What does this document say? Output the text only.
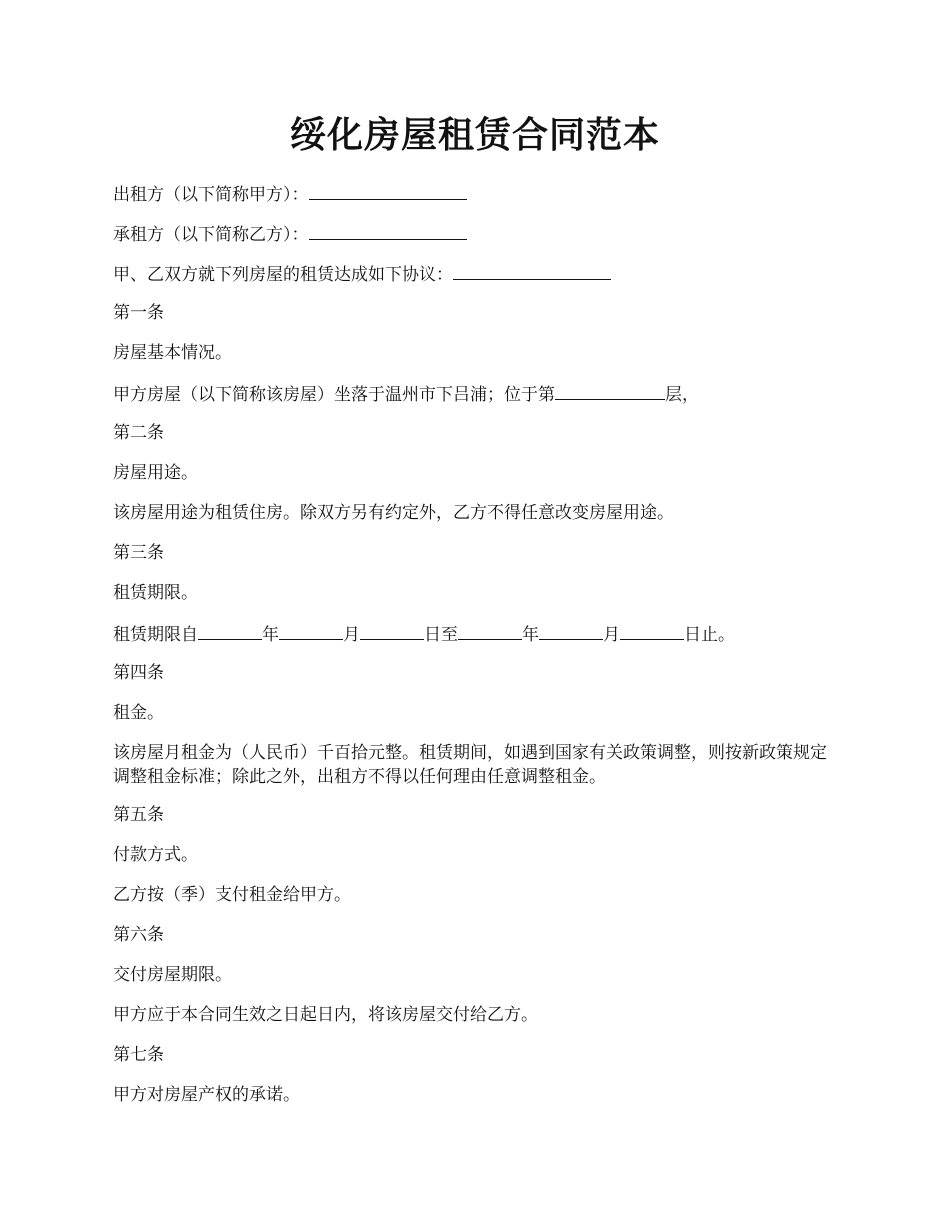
绥化房屋租赁合同范本
出租方（以下简称甲方）：
承租方（以下简称乙方）：
甲、乙双方就下列房屋的租赁达成如下协议：
第一条
房屋基本情况。
甲方房屋（以下简称该房屋）坐落于温州市下吕浦；位于第	层，
第二条
房屋用途。
该房屋用途为租赁住房。除双方另有约定外，乙方不得任意改变房屋用途。
第三条
租赁期限。
租赁期限自	年	月	日至	年	月	日止。
第四条
租金。
该房屋月租金为（人民币）千百拾元整。租赁期间，如遇到国家有关政策调整，则按新政策规定调整租金标准；除此之外，出租方不得以任何理由任意调整租金。
第五条
付款方式。
乙方按（季）支付租金给甲方。
第六条
交付房屋期限。
甲方应于本合同生效之日起日内，将该房屋交付给乙方。
第七条
甲方对房屋产权的承诺。
